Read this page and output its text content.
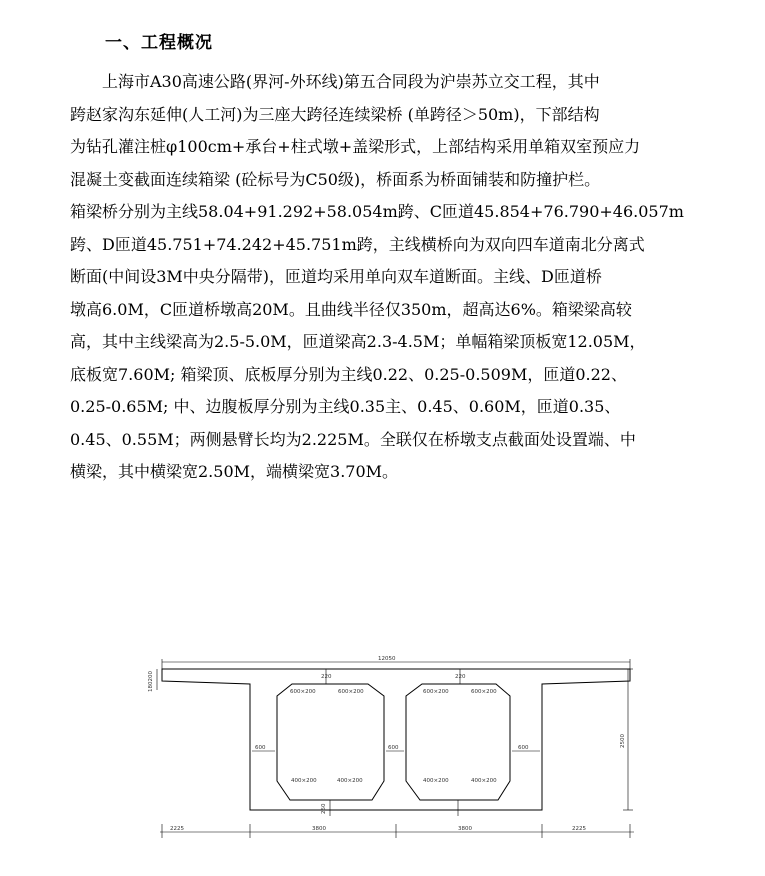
一、工程概况
上海市A30高速公路(界河-外环线)第五合同段为沪崇苏立交工程，其中
跨赵家沟东延伸(人工河)为三座大跨径连续梁桥 (单跨径＞50m)，下部结构
为钻孔灌注桩φ100cm+承台+柱式墩+盖梁形式，上部结构采用单箱双室预应力
混凝土变截面连续箱梁 (砼标号为C50级)，桥面系为桥面铺装和防撞护栏。
箱梁桥分别为主线58.04+91.292+58.054m跨、C匝道45.854+76.790+46.057m
跨、D匝道45.751+74.242+45.751m跨，主线横桥向为双向四车道南北分离式
断面(中间设3M中央分隔带)，匝道均采用单向双车道断面。主线、D匝道桥
墩高6.0M，C匝道桥墩高20M。且曲线半径仅350m，超高达6%。箱梁梁高较
高，其中主线梁高为2.5-5.0M，匝道梁高2.3-4.5M；单幅箱梁顶板宽12.05M，
底板宽7.60M; 箱梁顶、底板厚分别为主线0.22、0.25-0.509M，匝道0.22、
0.25-0.65M; 中、边腹板厚分别为主线0.35主、0.45、0.60M，匝道0.35、
0.45、0.55M；两侧悬臂长均为2.225M。全联仅在桥墩支点截面处设置端、中
横梁，其中横梁宽2.50M，端横梁宽3.70M。
12050
180200
2500
220	220
250
600	600	600
600×200	600×200	600×200	600×200
400×200	400×200	400×200	400×200
2225	3800	3800	2225
